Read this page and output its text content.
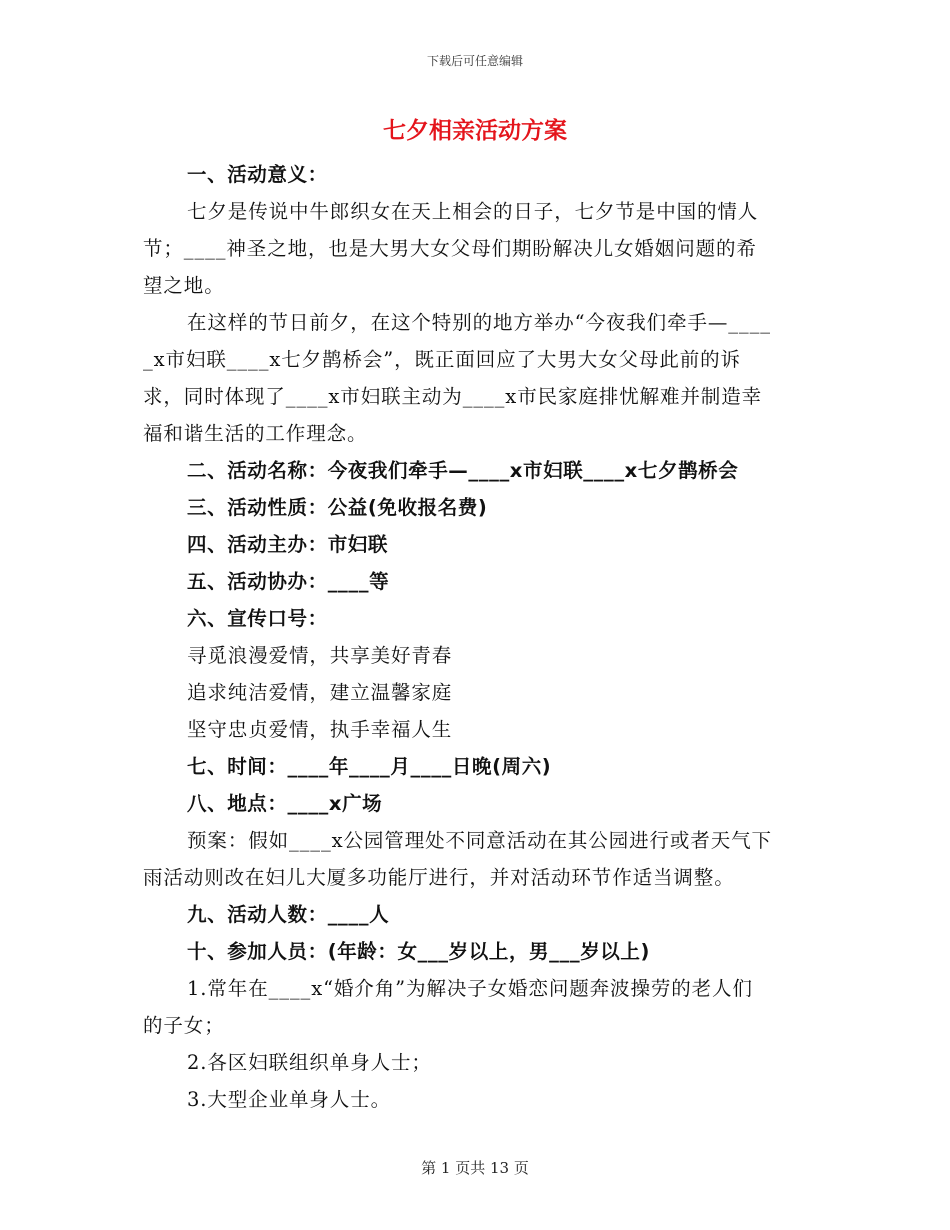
下载后可任意编辑
七夕相亲活动方案
一、活动意义：
七夕是传说中牛郎织女在天上相会的日子，七夕节是中国的情人
节；____神圣之地，也是大男大女父母们期盼解决儿女婚姻问题的希
望之地。
在这样的节日前夕，在这个特别的地方举办“今夜我们牵手—____
_x市妇联____x七夕鹊桥会”，既正面回应了大男大女父母此前的诉
求，同时体现了____x市妇联主动为____x市民家庭排忧解难并制造幸
福和谐生活的工作理念。
二、活动名称：今夜我们牵手—____x市妇联____x七夕鹊桥会
三、活动性质：公益(免收报名费)
四、活动主办：市妇联
五、活动协办：____等
六、宣传口号：
寻觅浪漫爱情，共享美好青春
追求纯洁爱情，建立温馨家庭
坚守忠贞爱情，执手幸福人生
七、时间：____年____月____日晚(周六)
八、地点：____x广场
预案：假如____x公园管理处不同意活动在其公园进行或者天气下
雨活动则改在妇儿大厦多功能厅进行，并对活动环节作适当调整。
九、活动人数：____人
十、参加人员：(年龄：女___岁以上，男___岁以上)
1.常年在____x“婚介角”为解决子女婚恋问题奔波操劳的老人们
的子女；
2.各区妇联组织单身人士；
3.大型企业单身人士。
第 1 页共 13 页
